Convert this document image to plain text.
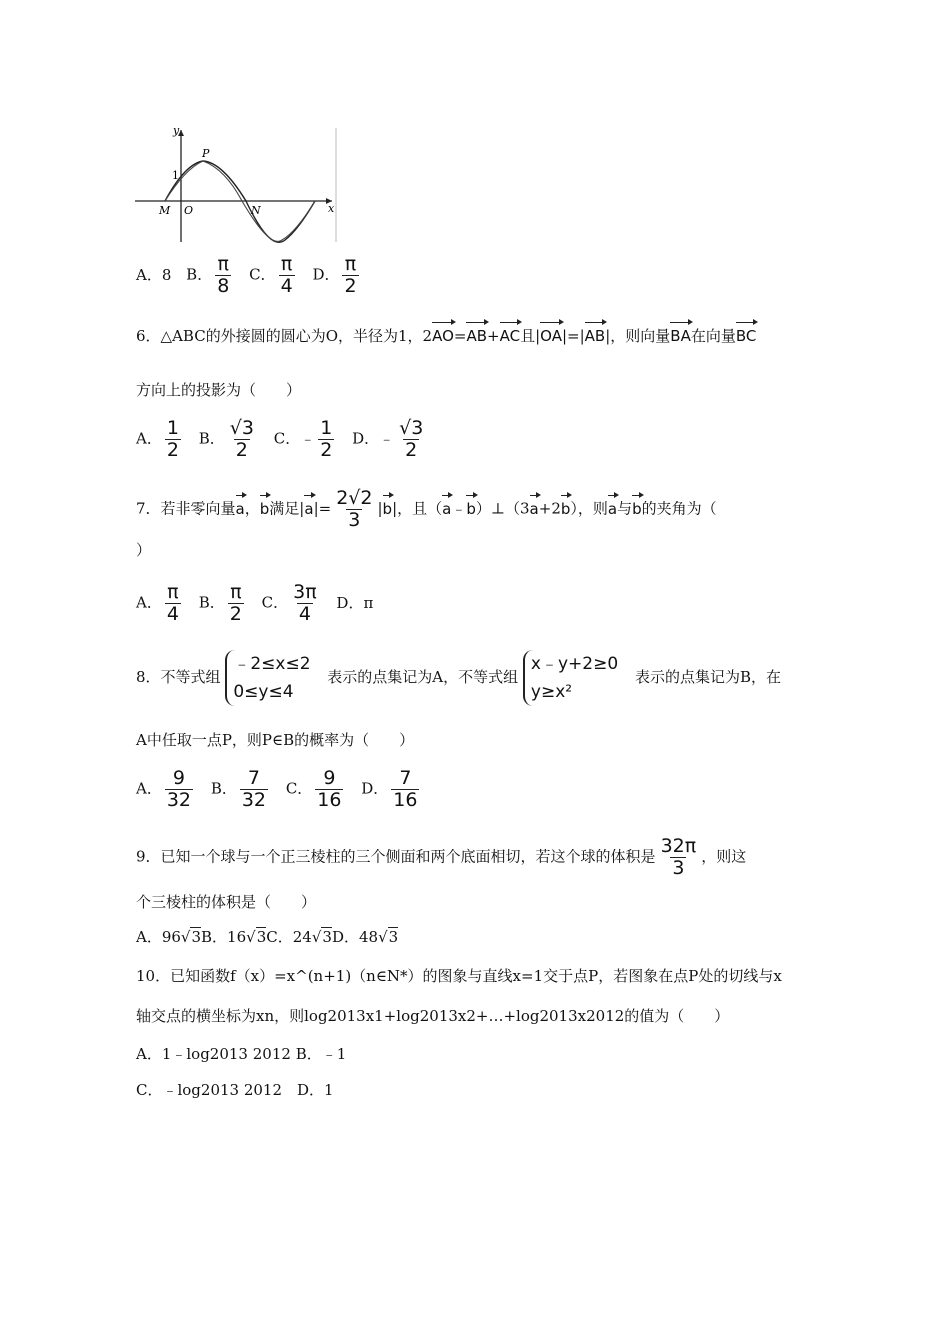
y
x
P
1
M O	N
A．8 B． $\frac{\pi}{8}$ C． $\frac{\pi}{4}$ D． $\frac{\pi}{2}$
6．△ABC的外接圆的圆心为O，半径为1，2AO=AB+AC且|OA|=|AB|，则向量BA在向量BC
方向上的投影为（　　）
A． $\frac{1}{2}$ B． $\frac{√3}{2}$ C．﹣ $\frac{1}{2}$ D．﹣ $\frac{√3}{2}$
7．若非零向量a，b满足$|a|= \frac{2√2}{3} |b|$，且（a﹣b）⊥（3a+2b），则a与b的夹角为（
）
A． $\frac{\pi}{4}$ B． $\frac{\pi}{2}$ C． $\frac{3\pi}{4}$ D．π
8．不等式组 ﹣2≤x≤2
0≤y≤4 表示的点集记为A，不等式组 x﹣y+2≥0
y≥x² 表示的点集记为B，在
A中任取一点P，则P∈B的概率为（　　）
A． $\frac{9}{32}$ B． $\frac{7}{32}$ C． $\frac{9}{16}$ D． $\frac{7}{16}$
9．已知一个球与一个正三棱柱的三个侧面和两个底面相切，若这个球的体积是 $\frac{32\pi}{3}$ ，则这
个三棱柱的体积是（　　）
A．96√3B．16√3C．24√3D．48√3
10．已知函数f（x）=x^(n+1)（n∈N*）的图象与直线x=1交于点P，若图象在点P处的切线与x
轴交点的横坐标为xn，则log2013x1+log2013x2+…+log2013x2012的值为（　　）
A．1﹣log2013 2012 B．﹣1
C．﹣log2013 2012　D．1
